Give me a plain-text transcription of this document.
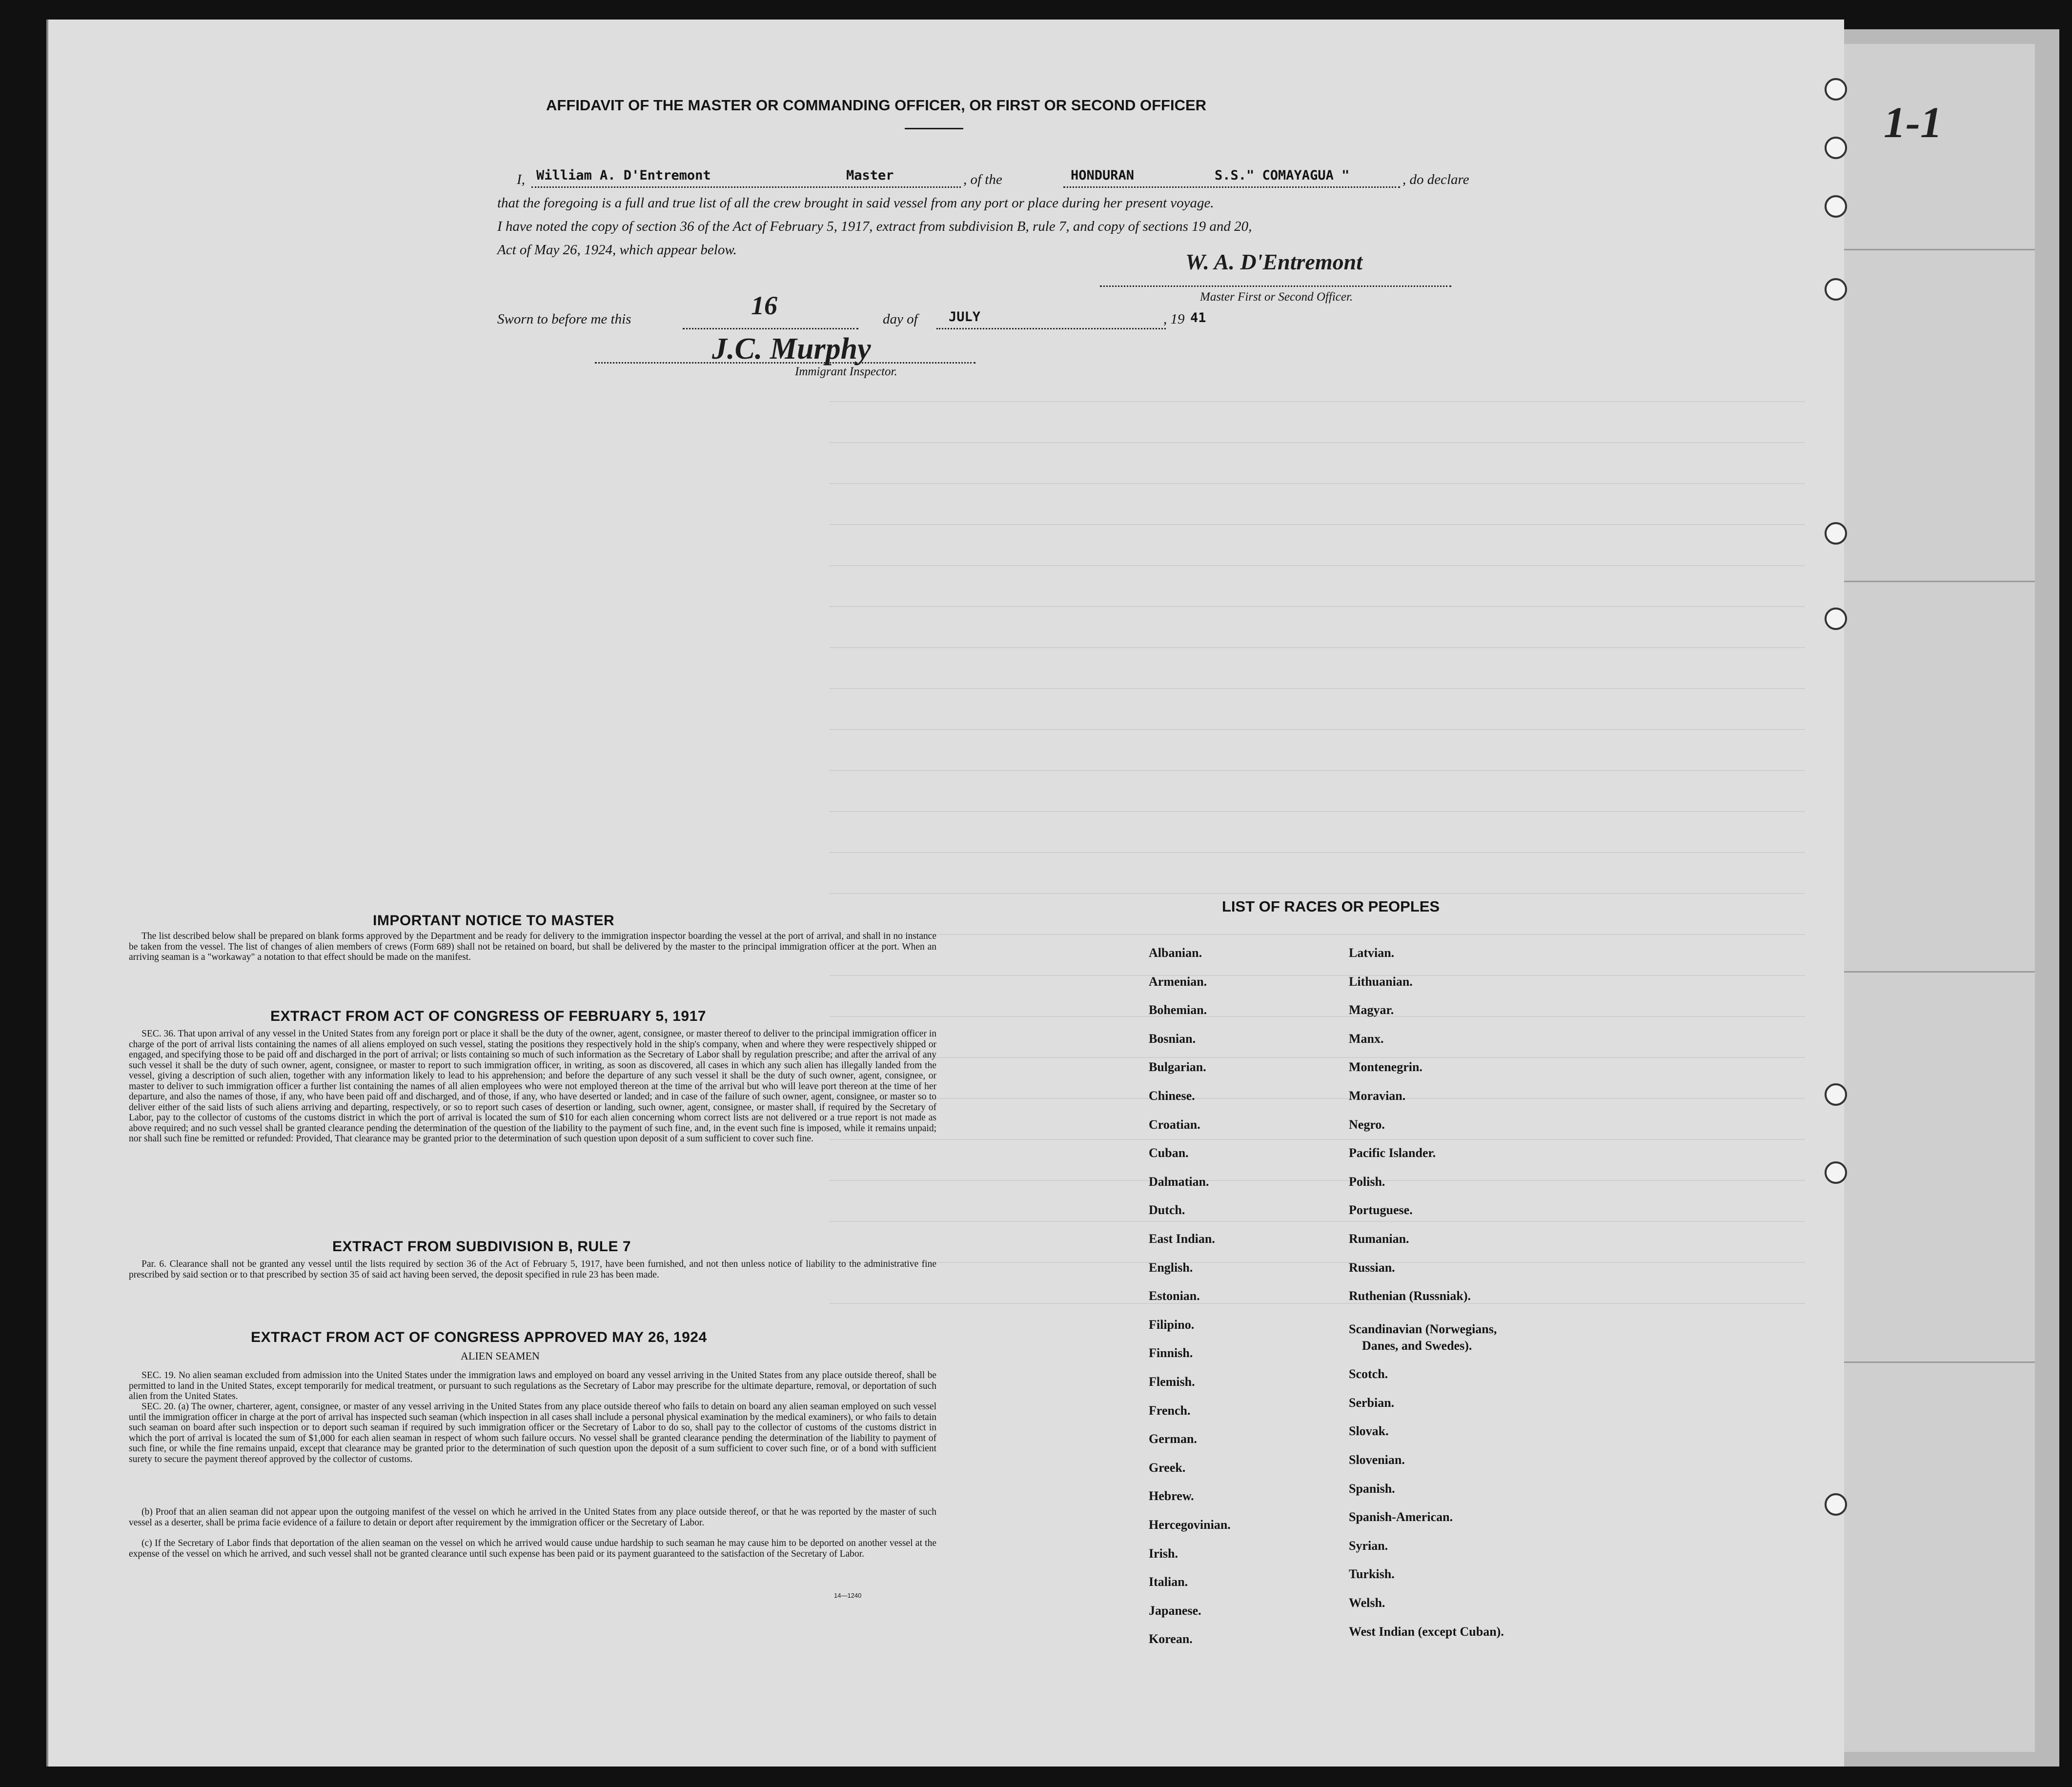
AFFIDAVIT OF THE MASTER OR COMMANDING OFFICER, OR FIRST OR SECOND OFFICER
I, William A. D'Entremont	Master	, of the	HONDURAN	S.S." COMAYAGUA "	, do declare
that the foregoing is a full and true list of all the crew brought in said vessel from any port or place during her present voyage.
I have noted the copy of section 36 of the Act of February 5, 1917, extract from subdivision B, rule 7, and copy of sections 19 and 20,
Act of May 26, 1924, which appear below.	W. A. D'Entremont
Master First or Second Officer.
Sworn to before me this	16	day of JULY	, 19 41
J.C. Murphy
Immigrant Inspector.
IMPORTANT NOTICE TO MASTER
The list described below shall be prepared on blank forms approved by the Department and be ready for delivery to the immigration inspector boarding the vessel at the port of arrival, and shall in no instance be taken from the vessel. The list of changes of alien members of crews (Form 689) shall not be retained on board, but shall be delivered by the master to the principal immigration officer at the port. When an arriving seaman is a "workaway" a notation to that effect should be made on the manifest.
EXTRACT FROM ACT OF CONGRESS OF FEBRUARY 5, 1917
SEC. 36. That upon arrival of any vessel in the United States from any foreign port or place it shall be the duty of the owner, agent, consignee, or master thereof to deliver to the principal immigration officer in charge of the port of arrival lists containing the names of all aliens employed on such vessel, stating the positions they respectively hold in the ship's company, when and where they were respectively shipped or engaged, and specifying those to be paid off and discharged in the port of arrival; or lists containing so much of such information as the Secretary of Labor shall by regulation prescribe; and after the arrival of any such vessel it shall be the duty of such owner, agent, consignee, or master to report to such immigration officer, in writing, as soon as discovered, all cases in which any such alien has illegally landed from the vessel, giving a description of such alien, together with any information likely to lead to his apprehension; and before the departure of any such vessel it shall be the duty of such owner, agent, consignee, or master to deliver to such immigration officer a further list containing the names of all alien employees who were not employed thereon at the time of the arrival but who will leave port thereon at the time of her departure, and also the names of those, if any, who have been paid off and discharged, and of those, if any, who have deserted or landed; and in case of the failure of such owner, agent, consignee, or master so to deliver either of the said lists of such aliens arriving and departing, respectively, or so to report such cases of desertion or landing, such owner, agent, consignee, or master shall, if required by the Secretary of Labor, pay to the collector of customs of the customs district in which the port of arrival is located the sum of $10 for each alien concerning whom correct lists are not delivered or a true report is not made as above required; and no such vessel shall be granted clearance pending the determination of the question of the liability to the payment of such fine, and, in the event such fine is imposed, while it remains unpaid; nor shall such fine be remitted or refunded: Provided, That clearance may be granted prior to the determination of such question upon deposit of a sum sufficient to cover such fine.
EXTRACT FROM SUBDIVISION B, RULE 7
Par. 6. Clearance shall not be granted any vessel until the lists required by section 36 of the Act of February 5, 1917, have been furnished, and not then unless notice of liability to the administrative fine prescribed by said section or to that prescribed by section 35 of said act having been served, the deposit specified in rule 23 has been made.
EXTRACT FROM ACT OF CONGRESS APPROVED MAY 26, 1924
ALIEN SEAMEN
SEC. 19. No alien seaman excluded from admission into the United States under the immigration laws and employed on board any vessel arriving in the United States from any place outside thereof, shall be permitted to land in the United States, except temporarily for medical treatment, or pursuant to such regulations as the Secretary of Labor may prescribe for the ultimate departure, removal, or deportation of such alien from the United States.
SEC. 20. (a) The owner, charterer, agent, consignee, or master of any vessel arriving in the United States from any place outside thereof who fails to detain on board any alien seaman employed on such vessel until the immigration officer in charge at the port of arrival has inspected such seaman (which inspection in all cases shall include a personal physical examination by the medical examiners), or who fails to detain such seaman on board after such inspection or to deport such seaman if required by such immigration officer or the Secretary of Labor to do so, shall pay to the collector of customs of the customs district in which the port of arrival is located the sum of $1,000 for each alien seaman in respect of whom such failure occurs. No vessel shall be granted clearance pending the determination of the liability to payment of such fine, or while the fine remains unpaid, except that clearance may be granted prior to the determination of such question upon the deposit of a sum sufficient to cover such fine, or of a bond with sufficient surety to secure the payment thereof approved by the collector of customs.
(b) Proof that an alien seaman did not appear upon the outgoing manifest of the vessel on which he arrived in the United States from any place outside thereof, or that he was reported by the master of such vessel as a deserter, shall be prima facie evidence of a failure to detain or deport after requirement by the immigration officer or the Secretary of Labor.
(c) If the Secretary of Labor finds that deportation of the alien seaman on the vessel on which he arrived would cause undue hardship to such seaman he may cause him to be deported on another vessel at the expense of the vessel on which he arrived, and such vessel shall not be granted clearance until such expense has been paid or its payment guaranteed to the satisfaction of the Secretary of Labor.
14—1240
LIST OF RACES OR PEOPLES
Albanian.
Armenian.
Bohemian.
Bosnian.
Bulgarian.
Chinese.
Croatian.
Cuban.
Dalmatian.
Dutch.
East Indian.
English.
Estonian.
Filipino.
Finnish.
Flemish.
French.
German.
Greek.
Hebrew.
Hercegovinian.
Irish.
Italian.
Japanese.
Korean.
Latvian.
Lithuanian.
Magyar.
Manx.
Montenegrin.
Moravian.
Negro.
Pacific Islander.
Polish.
Portuguese.
Rumanian.
Russian.
Ruthenian (Russniak).
Scandinavian (Norwegians,
Danes, and Swedes).
Scotch.
Serbian.
Slovak.
Slovenian.
Spanish.
Spanish-American.
Syrian.
Turkish.
Welsh.
West Indian (except Cuban).
1-1
